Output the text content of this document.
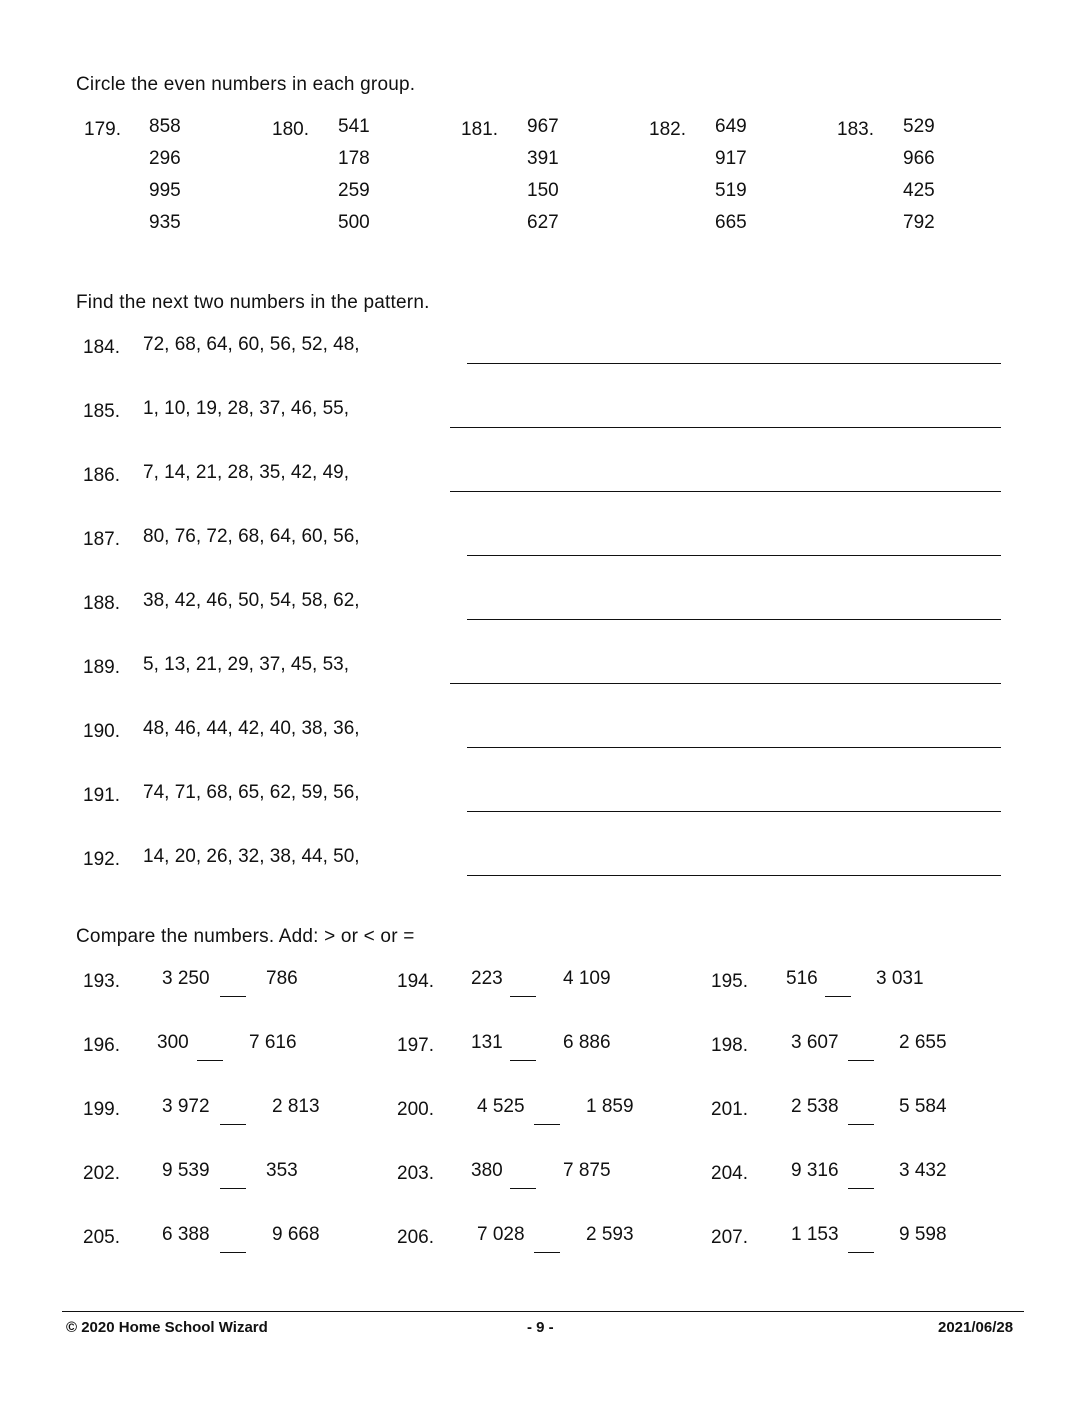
Circle the even numbers in each group.
179. 858
296
995
935
180. 541
178
259
500
181. 967
391
150
627
182. 649
917
519
665
183. 529
966
425
792
Find the next two numbers in the pattern.
184. 72, 68, 64, 60, 56, 52, 48,
185. 1, 10, 19, 28, 37, 46, 55,
186. 7, 14, 21, 28, 35, 42, 49,
187. 80, 76, 72, 68, 64, 60, 56,
188. 38, 42, 46, 50, 54, 58, 62,
189. 5, 13, 21, 29, 37, 45, 53,
190. 48, 46, 44, 42, 40, 38, 36,
191. 74, 71, 68, 65, 62, 59, 56,
192. 14, 20, 26, 32, 38, 44, 50,
Compare the numbers. Add: > or < or =
193. 3 250	786	194. 223	4 109	195. 516	3 031
196. 300	7 616	197. 131	6 886	198. 3 607	2 655
199. 3 972	2 813	200. 4 525	1 859	201. 2 538	5 584
202. 9 539	353	203. 380	7 875	204. 9 316	3 432
205. 6 388	9 668	206. 7 028	2 593	207. 1 153	9 598
© 2020 Home School Wizard	- 9 -	2021/06/28
